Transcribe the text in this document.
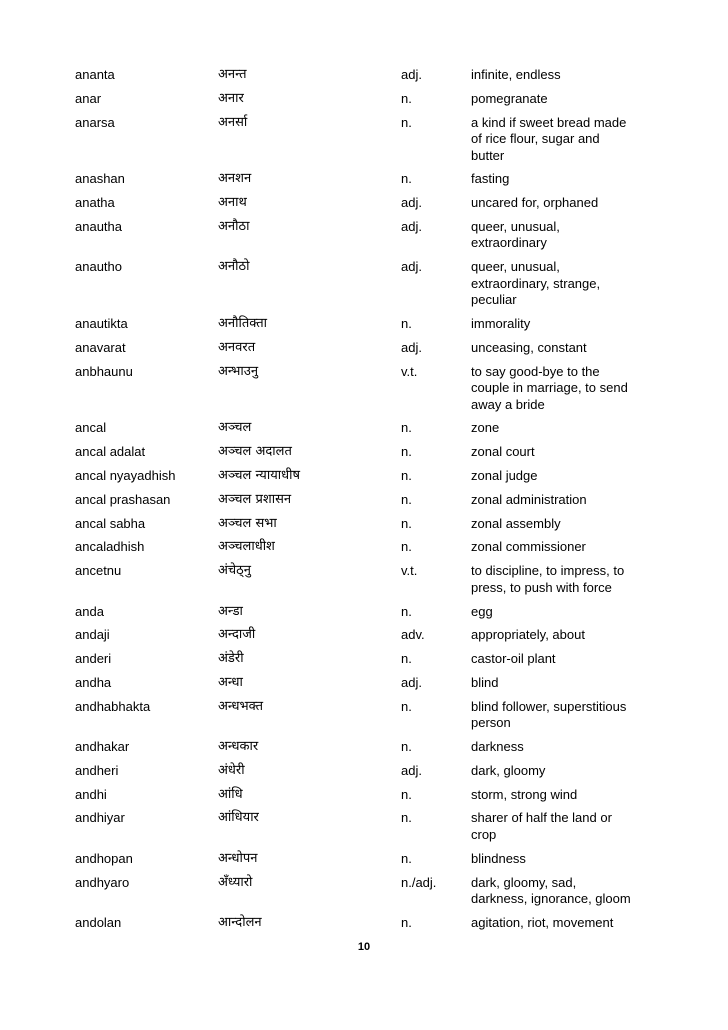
ananta	अनन्त	adj.	infinite, endless
anar	अनार	n.	pomegranate
anarsa	अनर्सा	n.	a kind if sweet bread made
of rice flour, sugar and
butter
anashan	अनशन	n.	fasting
anatha	अनाथ	adj.	uncared for, orphaned
anautha	अनौठा	adj.	queer, unusual,
extraordinary
anautho	अनौठो	adj.	queer, unusual,
extraordinary, strange,
peculiar
anautikta	अनौतिक्ता	n.	immorality
anavarat	अनवरत	adj.	unceasing, constant
anbhaunu	अन्भाउनु	v.t.	to say good-bye to the
couple in marriage, to send
away a bride
ancal	अञ्चल	n.	zone
ancal adalat	अञ्चल अदालत	n.	zonal court
ancal nyayadhish	अञ्चल न्यायाधीष	n.	zonal judge
ancal prashasan	अञ्चल प्रशासन	n.	zonal administration
ancal sabha	अञ्चल सभा	n.	zonal assembly
ancaladhish	अञ्चलाधीश	n.	zonal commissioner
ancetnu	अंचेठ्नु	v.t.	to discipline, to impress, to
press, to push with force
anda	अन्डा	n.	egg
andaji	अन्दाजी	adv.	appropriately, about
anderi	अंडेरी	n.	castor-oil plant
andha	अन्धा	adj.	blind
andhabhakta	अन्धभक्त	n.	blind follower, superstitious
person
andhakar	अन्धकार	n.	darkness
andheri	अंधेरी	adj.	dark, gloomy
andhi	आंधि	n.	storm, strong wind
andhiyar	आंधियार	n.	sharer of half the land or
crop
andhopan	अन्धोपन	n.	blindness
andhyaro	अँध्यारो	n./adj.	dark, gloomy, sad,
darkness, ignorance, gloom
andolan	आन्दोलन	n.	agitation, riot, movement
10
